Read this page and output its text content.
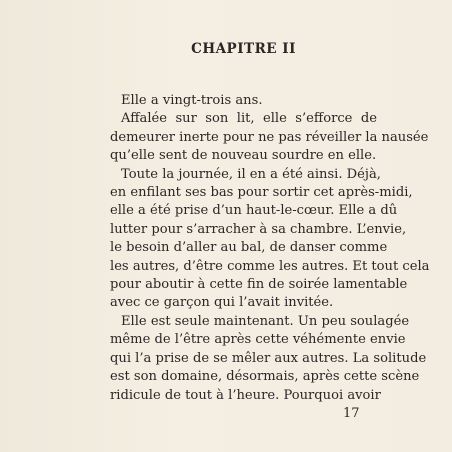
CHAPITRE II
Elle a vingt-trois ans.
Affalée sur son lit, elle s’efforce de
demeurer inerte pour ne pas réveiller la nausée
qu’elle sent de nouveau sourdre en elle.
Toute la journée, il en a été ainsi. Déjà,
en enfilant ses bas pour sortir cet après-midi,
elle a été prise d’un haut-le-cœur. Elle a dû
lutter pour s’arracher à sa chambre. L’envie,
le besoin d’aller au bal, de danser comme
les autres, d’être comme les autres. Et tout cela
pour aboutir à cette fin de soirée lamentable
avec ce garçon qui l’avait invitée.
Elle est seule maintenant. Un peu soulagée
même de l’être après cette véhémente envie
qui l’a prise de se mêler aux autres. La solitude
est son domaine, désormais, après cette scène
ridicule de tout à l’heure. Pourquoi avoir
17
